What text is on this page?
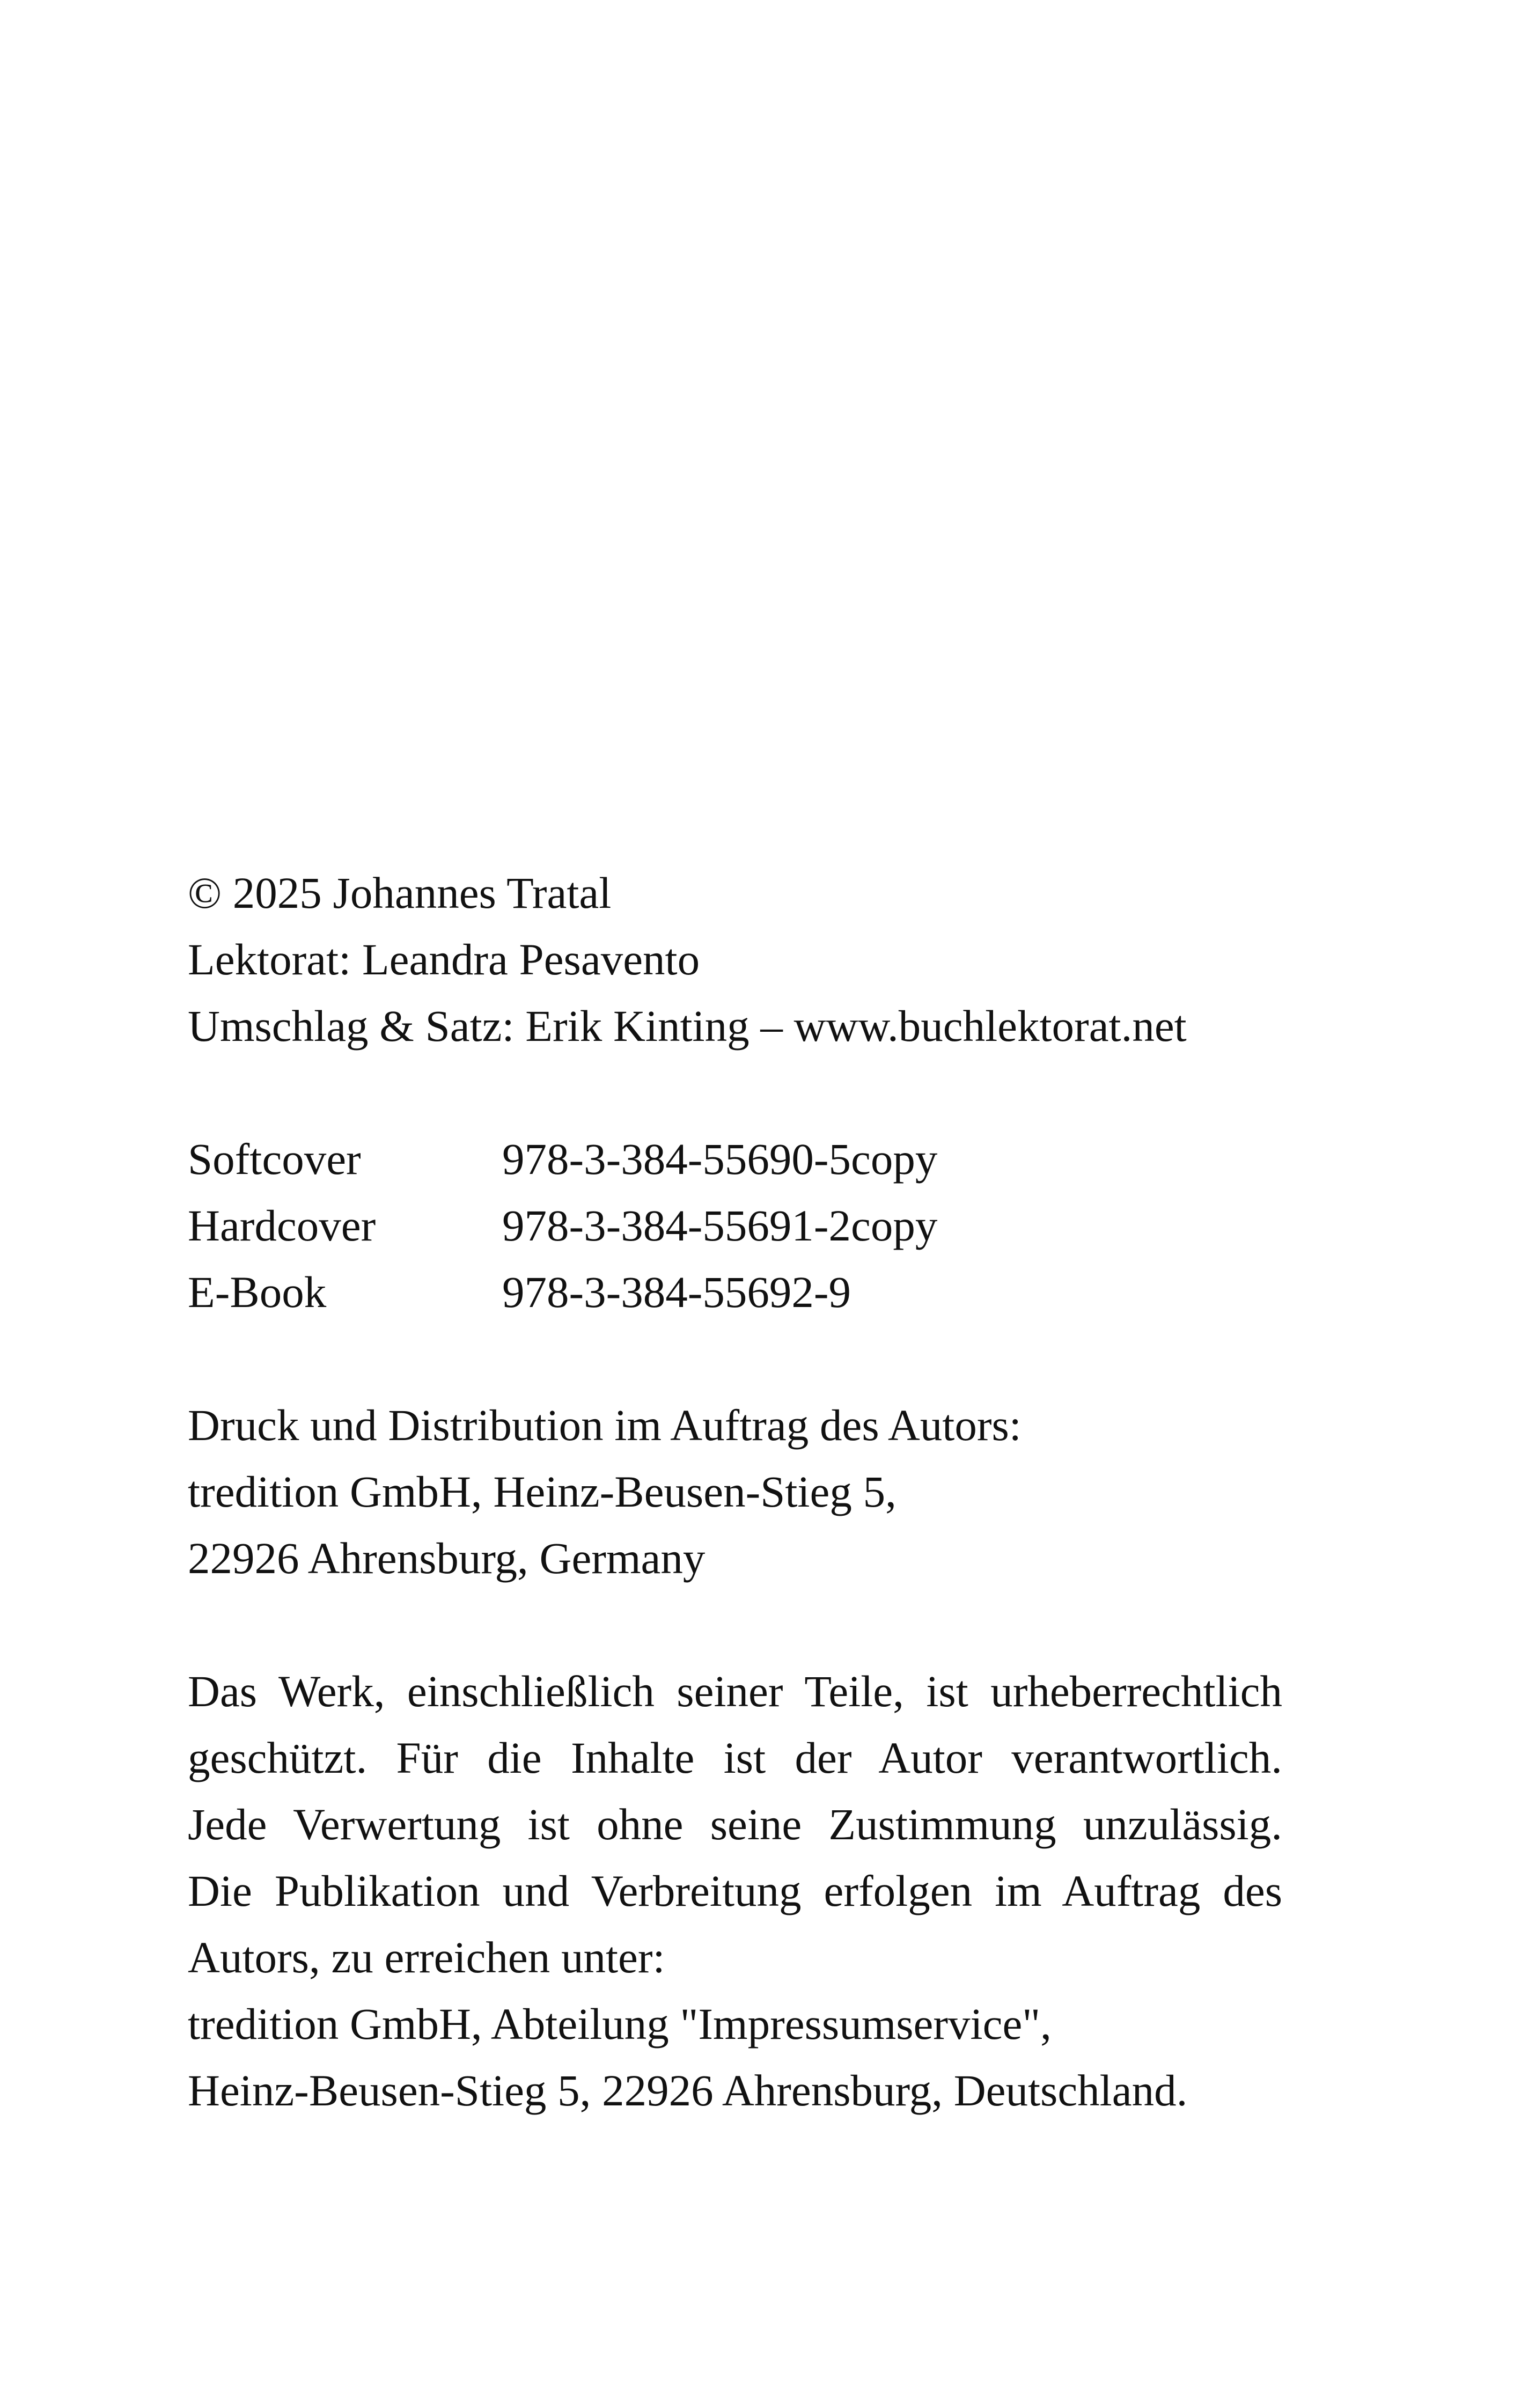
© 2025 Johannes Tratal
Lektorat: Leandra Pesavento
Umschlag & Satz: Erik Kinting – www.buchlektorat.net
Softcover	978-3-384-55690-5copy
Hardcover	978-3-384-55691-2copy
E-Book	978-3-384-55692-9
Druck und Distribution im Auftrag des Autors:
tredition GmbH, Heinz-Beusen-Stieg 5,
22926 Ahrensburg, Germany
Das Werk, einschließlich seiner Teile, ist urheberrechtlich
geschützt. Für die Inhalte ist der Autor verantwortlich.
Jede Verwertung ist ohne seine Zustimmung unzulässig.
Die Publikation und Verbreitung erfolgen im Auftrag des
Autors, zu erreichen unter:
tredition GmbH, Abteilung "Impressumservice",
Heinz-Beusen-Stieg 5, 22926 Ahrensburg, Deutschland.
